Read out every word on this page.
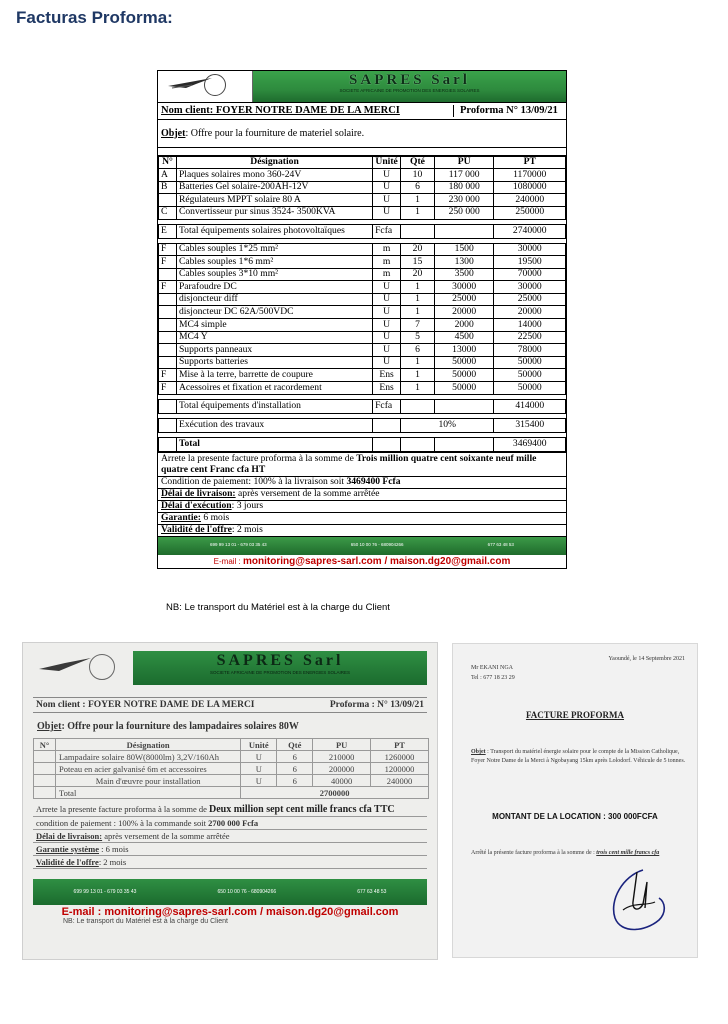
Facturas Proforma:
SAPRES Sarl
SOCIETE AFRICAINE DE PROMOTION DES ENERGIES SOLAIRES
Nom client: FOYER NOTRE DAME DE LA MERCI	Proforma N° 13/09/21
Objet: Offre pour la fourniture de materiel solaire.
N°	Désignation	Unité	Qté	PU	PT
A	Plaques solaires mono 360-24V	U	10	117 000	1170000
B	Batteries Gel solaire-200AH-12V	U	6	180 000	1080000
	Régulateurs MPPT solaire 80 A	U	1	230 000	240000
C	Convertisseur pur sinus 3524- 3500KVA	U	1	250 000	250000

E	Total équipements solaires photovoltaïques	Fcfa			2740000

F	Cables souples 1*25 mm²	m	20	1500	30000
F	Cables souples 1*6 mm²	m	15	1300	19500
	Cables souples 3*10 mm²	m	20	3500	70000
F	Parafoudre DC	U	1	30000	30000
	disjoncteur diff	U	1	25000	25000
	disjoncteur DC 62A/500VDC	U	1	20000	20000
	MC4 simple	U	7	2000	14000
	MC4 Y	U	5	4500	22500
	Supports panneaux	U	6	13000	78000
	Supports batteries	U	1	50000	50000
F	Mise à la terre, barrette de coupure	Ens	1	50000	50000
F	Acessoires et fixation et racordement	Ens	1	50000	50000

	Total équipements d'installation	Fcfa			414000

	Exécution des travaux		10%		315400

	Total				3469400
Arrete la presente facture proforma à la somme de Trois million quatre cent soixante neuf mille quatre cent Franc cfa HT
Condition de paiement: 100% à la livraison soit 3469400 Fcfa
Délai de livraison: après versement de la somme arrêtée
Délai d'exécution: 3 jours
Garantie: 6 mois
Validité de l'offre: 2 mois
699 99 13 01 - 679 03 35 43	650 10 00 76 - 680904266	677 63 48 53
E-mail : monitoring@sapres-sarl.com / maison.dg20@gmail.com
NB: Le transport du Matériel est à la charge du Client
SAPRES Sarl
SOCIETE AFRICAINE DE PROMOTION DES ENERGIES SOLAIRES
Nom client : FOYER NOTRE DAME DE LA MERCI	Proforma : N° 13/09/21
Objet: Offre pour la fourniture des lampadaires solaires 80W
N°	Désignation	Unité	Qté	PU	PT
	Lampadaire solaire 80W(8000lm) 3,2V/160Ah	U	6	210000	1260000
	Poteau en acier galvanisé 6m et accessoires	U	6	200000	1200000
	Main d'œuvre pour installation	U	6	40000	240000
	Total	2700000			
Arrete la presente facture proforma à la somme de Deux million sept cent mille francs cfa TTC
condition de paiement : 100% à la commande soit 2700 000 Fcfa
Délai de livraison: après versement de la somme arrêtée
Garantie système : 6 mois
Validité de l'offre: 2 mois
699 99 13 01 - 679 03 35 43	650 10 00 76 - 680904266	677 63 48 53
E-mail : monitoring@sapres-sarl.com / maison.dg20@gmail.com
NB: Le transport du Matériel est à la charge du Client
Mr EKANI NGA
Tel : 677 18 23 29
Yaoundé, le 14 Septembre 2021
FACTURE PROFORMA
Objet : Transport du matériel énergie solaire pour le compte de la Mission Catholique, Foyer Notre Dame de la Merci à Ngobayang 15km après Lolodorf. Véhicule de 5 tonnes.
MONTANT DE LA LOCATION : 300 000FCFA
Arrêté la présente facture proforma à la somme de : trois cent mille francs cfa
